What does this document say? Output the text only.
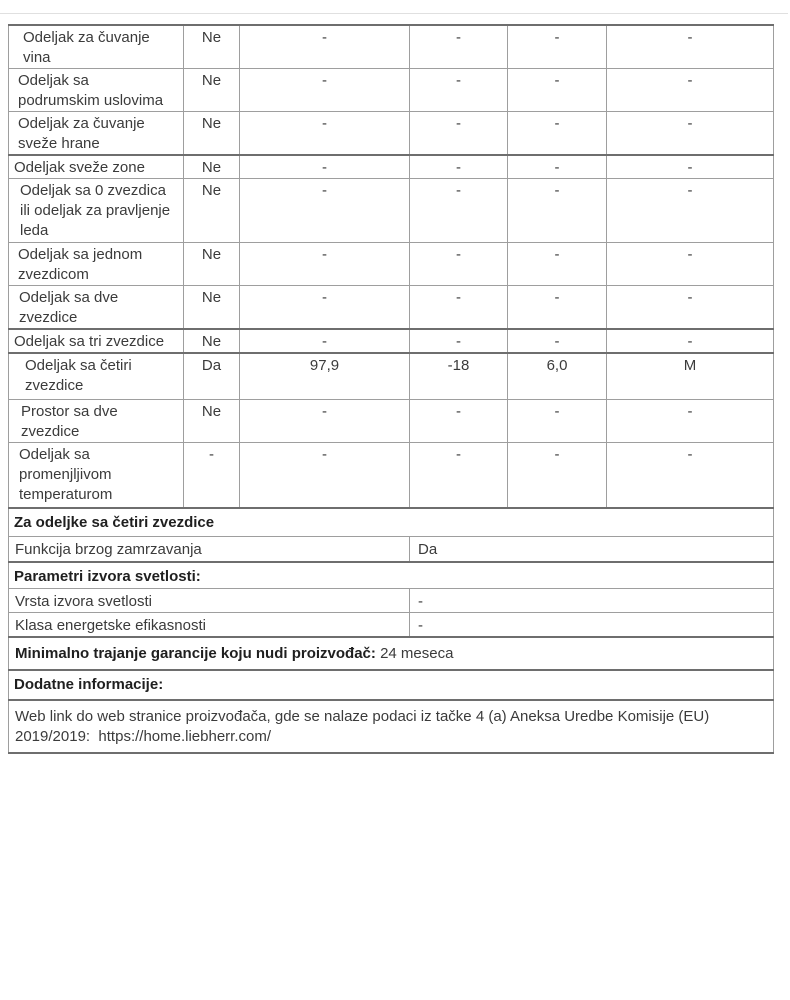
Odeljak za čuvanje
vina	Ne	-	-	-	-

Odeljak sa
podrumskim uslovima	Ne	-	-	-	-

Odeljak za čuvanje
sveže hrane	Ne	-	-	-	-

Odeljak sveže zone	Ne	-	-	-	-

Odeljak sa 0 zvezdica
ili odeljak za pravljenje
leda	Ne	-	-	-	-

Odeljak sa jednom
zvezdicom	Ne	-	-	-	-

Odeljak sa dve
zvezdice	Ne	-	-	-	-

Odeljak sa tri zvezdice	Ne	-	-	-	-

Odeljak sa četiri
zvezdice	Da	97,9	-18	6,0	M

Prostor sa dve
zvezdice	Ne	-	-	-	-

Odeljak sa
promenjljivom
temperaturom	-	-	-	-	-
Za odeljke sa četiri zvezdice					
Funkcija brzog zamrzavanja			Da		
Parametri izvora svetlosti:					
Vrsta izvora svetlosti			-		
Klasa energetske efikasnosti			-		
Minimalno trajanje garancije koju nudi proizvođač: 24 meseca					
Dodatne informacije:					

Web link do web stranice proizvođača, gde se nalaze podaci iz tačke 4 (a) Aneksa Uredbe Komisije (EU)
2019/2019:  https://home.liebherr.com/					
